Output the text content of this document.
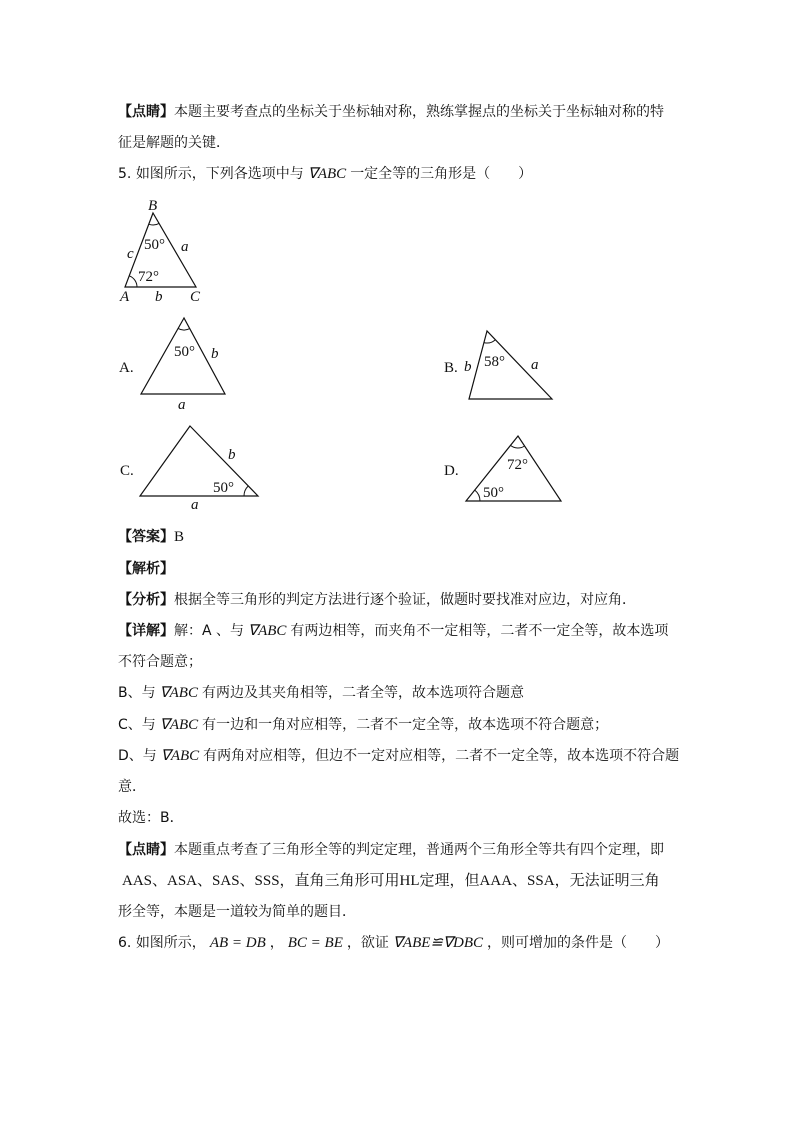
【点睛】本题主要考查点的坐标关于坐标轴对称，熟练掌握点的坐标关于坐标轴对称的特
征是解题的关键．
5. 如图所示，下列各选项中与 ∇ABC 一定全等的三角形是（　　）
B
50°
c	a
72°
A b C
A.
50° b
a
B. b 58° a
C.
b
50°
a
D.	72°
50°
【答案】B
【解析】
【分析】根据全等三角形的判定方法进行逐个验证，做题时要找准对应边，对应角．
【详解】解：A 、与 ∇ABC 有两边相等，而夹角不一定相等，二者不一定全等，故本选项
不符合题意；
B、与 ∇ABC 有两边及其夹角相等，二者全等，故本选项符合题意
C、与 ∇ABC 有一边和一角对应相等，二者不一定全等，故本选项不符合题意；
D、与 ∇ABC 有两角对应相等，但边不一定对应相等，二者不一定全等，故本选项不符合题
意．
故选：B．
【点睛】本题重点考查了三角形全等的判定定理，普通两个三角形全等共有四个定理，即
AAS、ASA、SAS、SSS，直角三角形可用HL定理，但AAA、SSA，无法证明三角
形全等，本题是一道较为简单的题目．
6. 如图所示， AB = DB ， BC = BE ，欲证 ∇ABE≌∇DBC ，则可增加的条件是（　　）
